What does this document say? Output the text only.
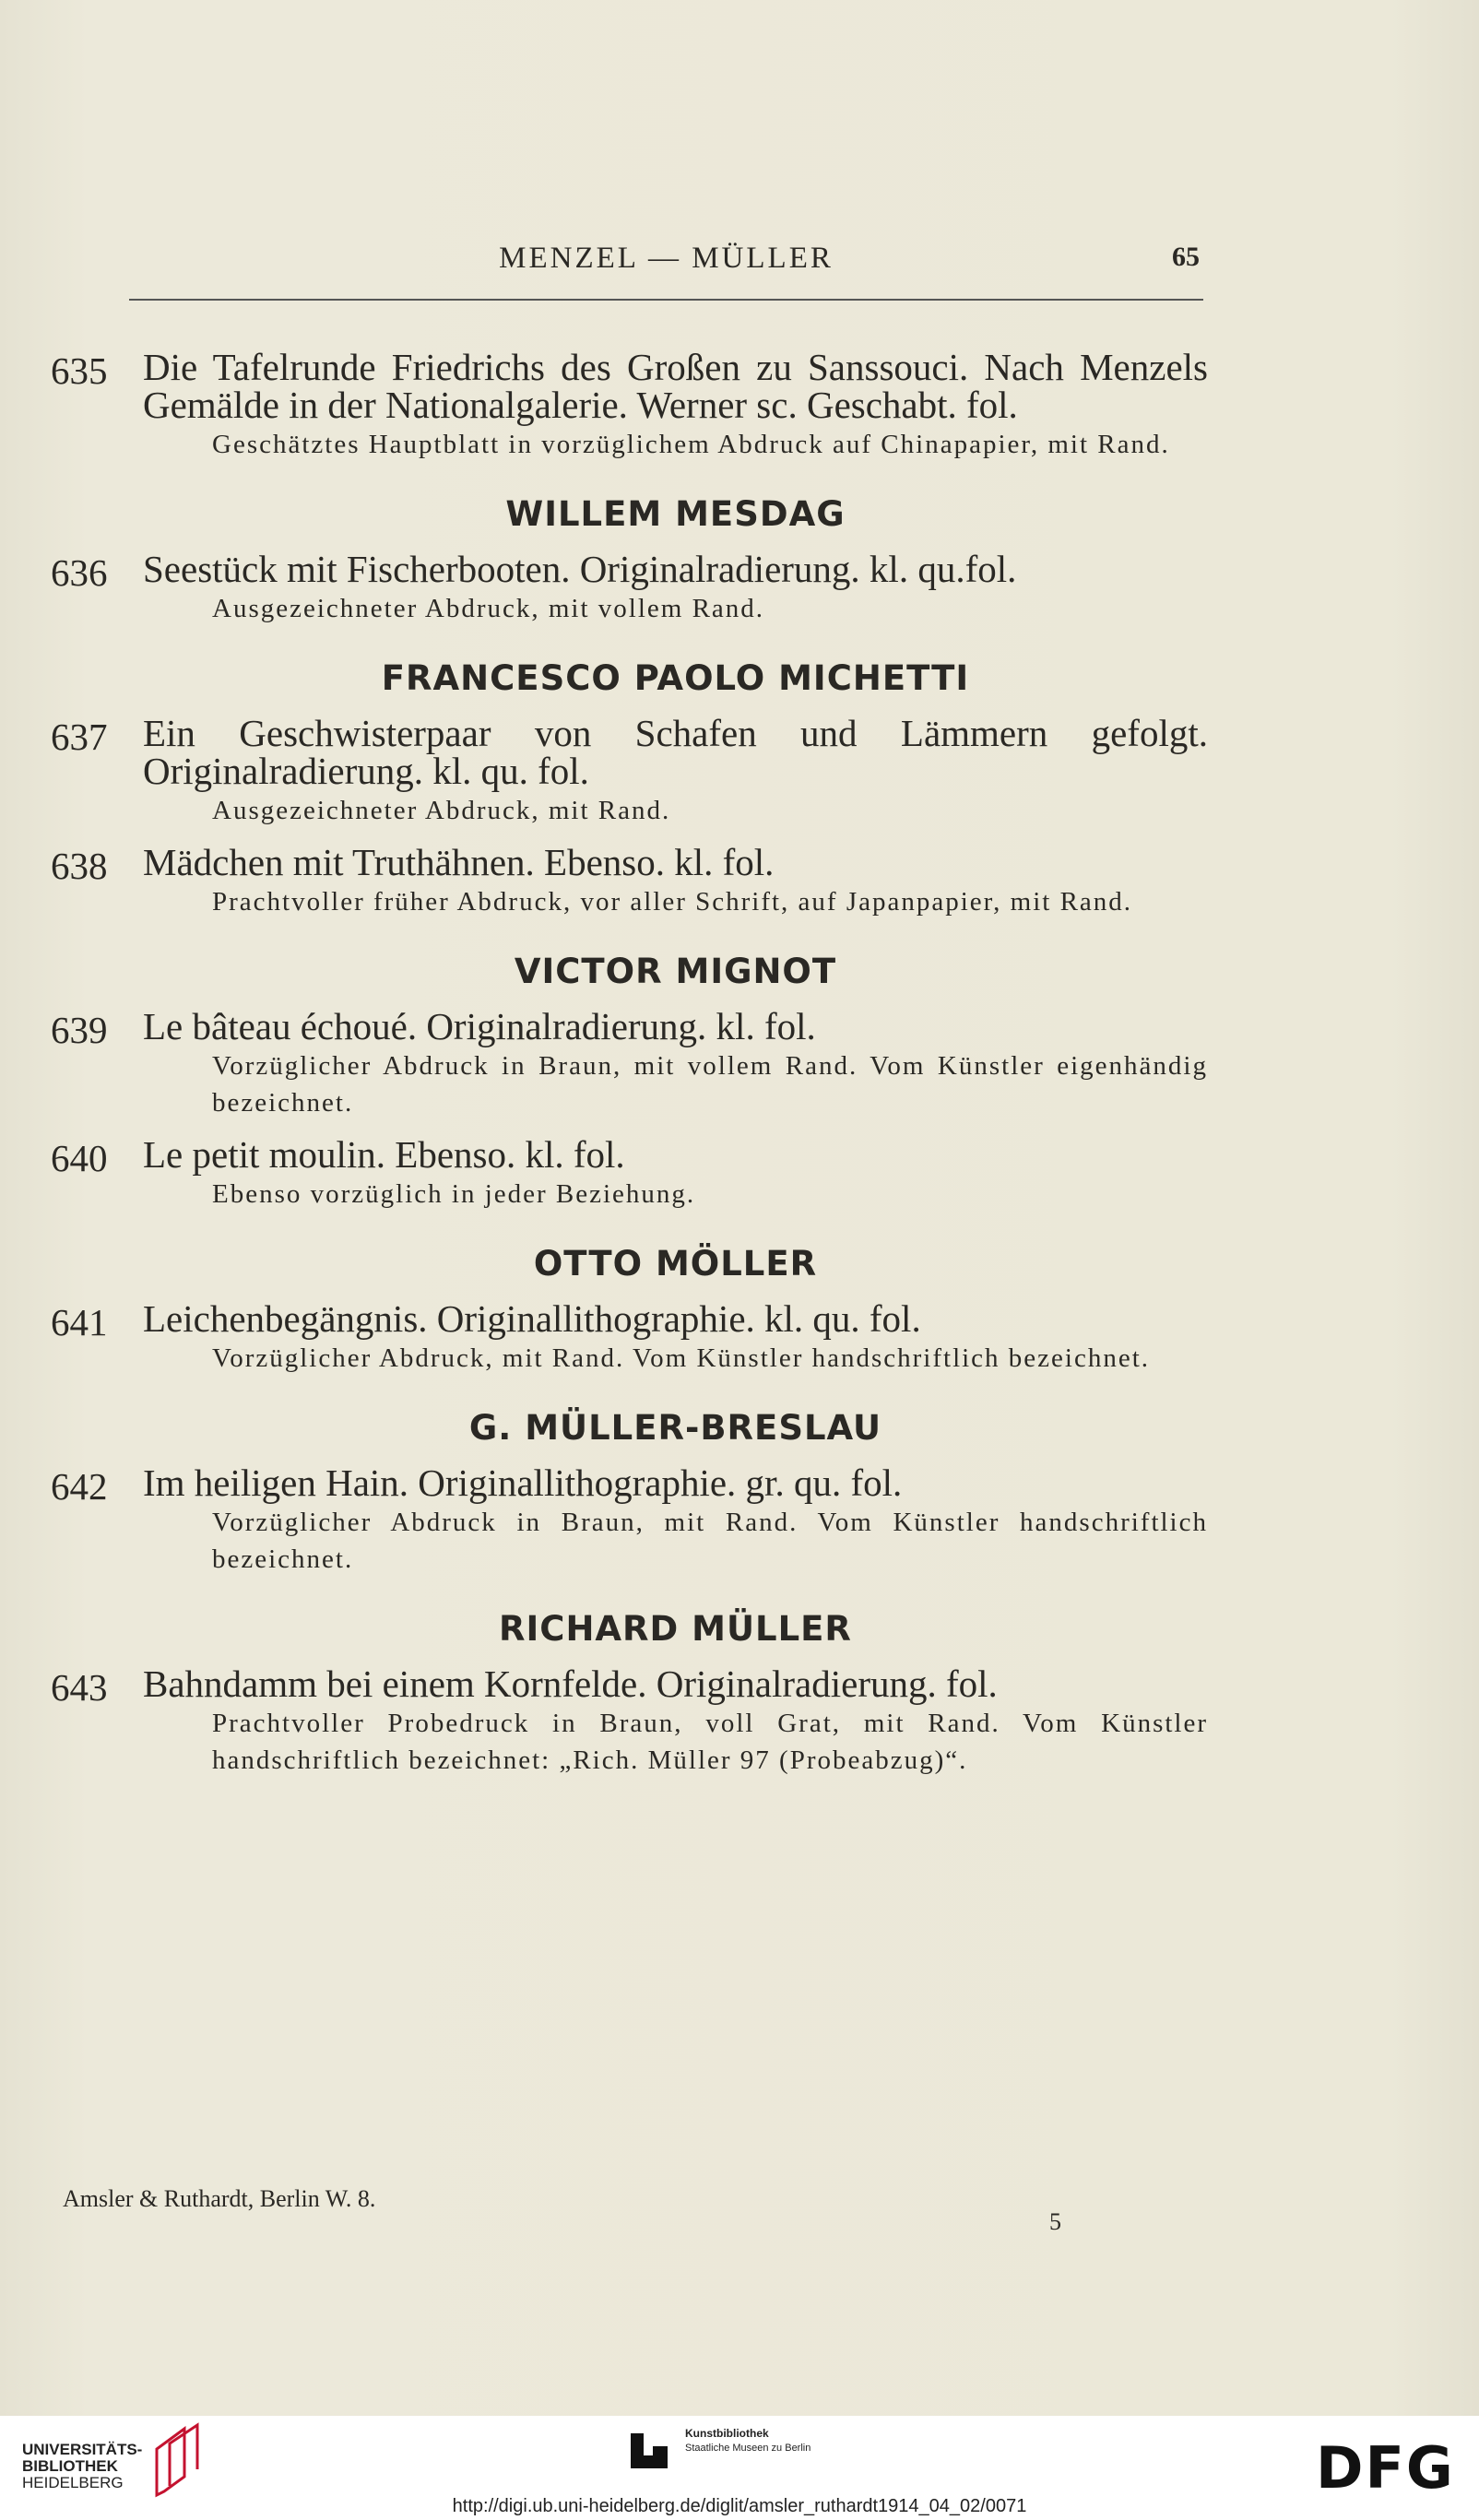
MENZEL — MÜLLER	65
635 Die Tafelrunde Friedrichs des Großen zu Sanssouci. Nach Menzels Gemälde in der Nationalgalerie. Werner sc. Geschabt. fol.
Geschätztes Hauptblatt in vorzüglichem Abdruck auf Chinapapier, mit Rand.
WILLEM MESDAG
636 Seestück mit Fischerbooten. Originalradierung. kl. qu.fol.
Ausgezeichneter Abdruck, mit vollem Rand.
FRANCESCO PAOLO MICHETTI
637 Ein Geschwisterpaar von Schafen und Lämmern gefolgt. Originalradierung. kl. qu. fol.
Ausgezeichneter Abdruck, mit Rand.
638 Mädchen mit Truthähnen. Ebenso. kl. fol.
Prachtvoller früher Abdruck, vor aller Schrift, auf Japanpapier, mit Rand.
VICTOR MIGNOT
639 Le bâteau échoué. Originalradierung. kl. fol.
Vorzüglicher Abdruck in Braun, mit vollem Rand. Vom Künstler eigenhändig bezeichnet.
640 Le petit moulin. Ebenso. kl. fol.
Ebenso vorzüglich in jeder Beziehung.
OTTO MÖLLER
641 Leichenbegängnis. Originallithographie. kl. qu. fol.
Vorzüglicher Abdruck, mit Rand. Vom Künstler handschriftlich bezeichnet.
G. MÜLLER-BRESLAU
642 Im heiligen Hain. Originallithographie. gr. qu. fol.
Vorzüglicher Abdruck in Braun, mit Rand. Vom Künstler handschriftlich bezeichnet.
RICHARD MÜLLER
643 Bahndamm bei einem Kornfelde. Originalradierung. fol.
Prachtvoller Probedruck in Braun, voll Grat, mit Rand. Vom Künstler handschriftlich bezeichnet: „Rich. Müller 97 (Probeabzug)“.
Amsler & Ruthardt, Berlin W. 8.
5
UNIVERSITÄTS-
BIBLIOTHEK
HEIDELBERG
Kunstbibliothek
Staatliche Museen zu Berlin	DFG
http://digi.ub.uni-heidelberg.de/diglit/amsler_ruthardt1914_04_02/0071
